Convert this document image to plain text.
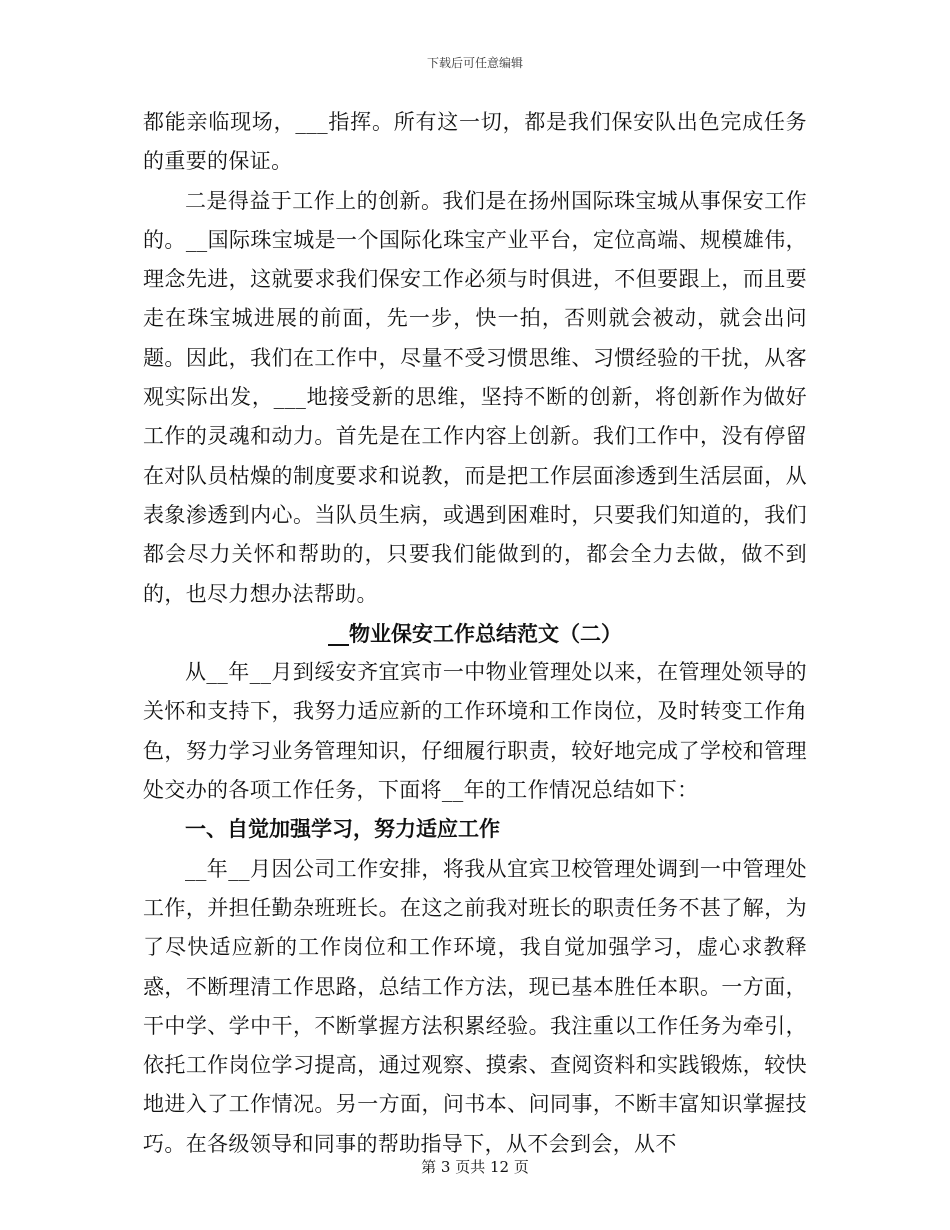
下载后可任意编辑

都能亲临现场，___指挥。所有这一切，都是我们保安队出色完成任务的重要的保证。

二是得益于工作上的创新。我们是在扬州国际珠宝城从事保安工作的。__国际珠宝城是一个国际化珠宝产业平台，定位高端、规模雄伟，理念先进，这就要求我们保安工作必须与时俱进，不但要跟上，而且要走在珠宝城进展的前面，先一步，快一拍，否则就会被动，就会出问题。因此，我们在工作中，尽量不受习惯思维、习惯经验的干扰，从客观实际出发，___地接受新的思维，坚持不断的创新，将创新作为做好工作的灵魂和动力。首先是在工作内容上创新。我们工作中，没有停留在对队员枯燥的制度要求和说教，而是把工作层面渗透到生活层面，从表象渗透到内心。当队员生病，或遇到困难时，只要我们知道的，我们都会尽力关怀和帮助的，只要我们能做到的，都会全力去做，做不到的，也尽力想办法帮助。

__物业保安工作总结范文（二）

从__年__月到绥安齐宜宾市一中物业管理处以来，在管理处领导的关怀和支持下，我努力适应新的工作环境和工作岗位，及时转变工作角色，努力学习业务管理知识，仔细履行职责，较好地完成了学校和管理处交办的各项工作任务，下面将__年的工作情况总结如下：

一、自觉加强学习，努力适应工作

__年__月因公司工作安排，将我从宜宾卫校管理处调到一中管理处工作，并担任勤杂班班长。在这之前我对班长的职责任务不甚了解，为了尽快适应新的工作岗位和工作环境，我自觉加强学习，虚心求教释惑，不断理清工作思路，总结工作方法，现已基本胜任本职。一方面，干中学、学中干，不断掌握方法积累经验。我注重以工作任务为牵引，依托工作岗位学习提高，通过观察、摸索、查阅资料和实践锻炼，较快地进入了工作情况。另一方面，问书本、问同事，不断丰富知识掌握技巧。在各级领导和同事的帮助指导下，从不会到会，从不

第 3 页共 12 页
